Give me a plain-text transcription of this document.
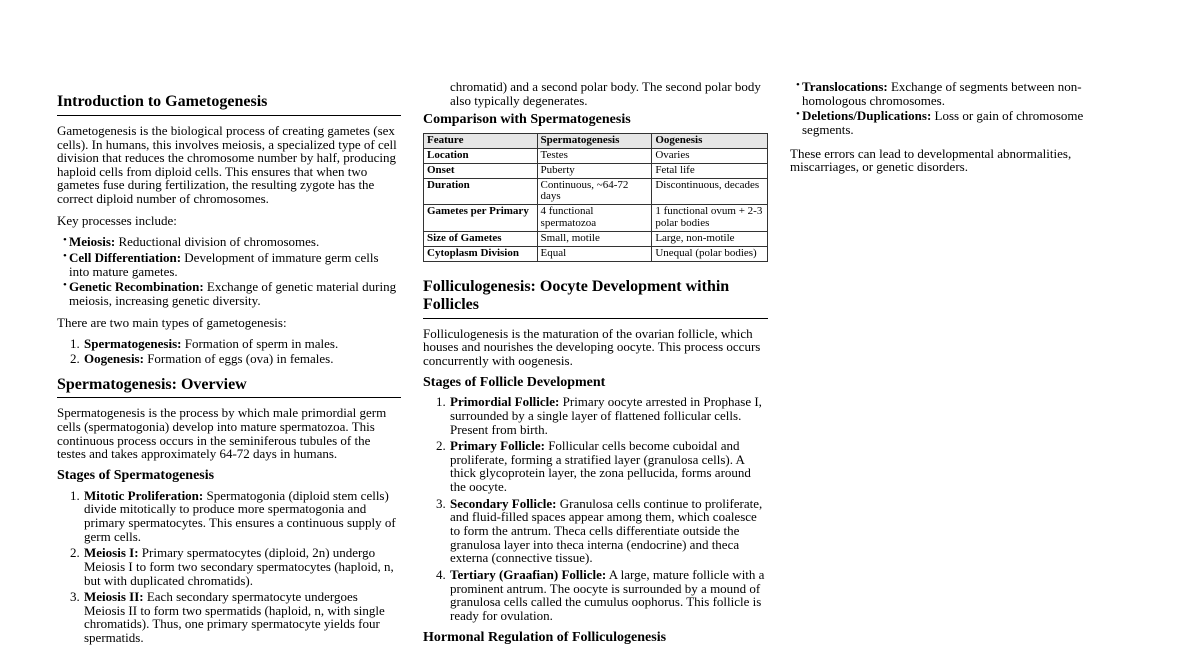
Introduction to Gametogenesis

Gametogenesis is the biological process of creating gametes (sex cells). In humans, this involves meiosis, a specialized type of cell division that reduces the chromosome number by half, producing haploid cells from diploid cells. This ensures that when two gametes fuse during fertilization, the resulting zygote has the correct diploid number of chromosomes.

Key processes include:

• Meiosis: Reductional division of chromosomes.
• Cell Differentiation: Development of immature germ cells into mature gametes.
• Genetic Recombination: Exchange of genetic material during meiosis, increasing genetic diversity.

There are two main types of gametogenesis:

1. Spermatogenesis: Formation of sperm in males.
2. Oogenesis: Formation of eggs (ova) in females.
Spermatogenesis: Overview

Spermatogenesis is the process by which male primordial germ cells (spermatogonia) develop into mature spermatozoa. This continuous process occurs in the seminiferous tubules of the testes and takes approximately 64-72 days in humans.

Stages of Spermatogenesis
1. Mitotic Proliferation: Spermatogonia (diploid stem cells) divide mitotically to produce more spermatogonia and primary spermatocytes. This ensures a continuous supply of germ cells.
2. Meiosis I: Primary spermatocytes (diploid, 2n) undergo Meiosis I to form two secondary spermatocytes (haploid, n, but with duplicated chromatids).
3. Meiosis II: Each secondary spermatocyte undergoes Meiosis II to form two spermatids (haploid, n, with single chromatids). Thus, one primary spermatocyte yields four spermatids.

chromatid) and a second polar body. The second polar body also typically degenerates.

Comparison with Spermatogenesis
Feature	Spermatogenesis	Oogenesis
Location	Testes	Ovaries
Onset	Puberty	Fetal life
Duration	Continuous, ~64-72 days	Discontinuous, decades
Gametes per Primary	4 functional spermatozoa	1 functional ovum + 2-3 polar bodies
Size of Gametes	Small, motile	Large, non-motile
Cytoplasm Division	Equal	Unequal (polar bodies)
Folliculogenesis: Oocyte Development within Follicles

Folliculogenesis is the maturation of the ovarian follicle, which houses and nourishes the developing oocyte. This process occurs concurrently with oogenesis.

Stages of Follicle Development
1. Primordial Follicle: Primary oocyte arrested in Prophase I, surrounded by a single layer of flattened follicular cells. Present from birth.
2. Primary Follicle: Follicular cells become cuboidal and proliferate, forming a stratified layer (granulosa cells). A thick glycoprotein layer, the zona pellucida, forms around the oocyte.
3. Secondary Follicle: Granulosa cells continue to proliferate, and fluid-filled spaces appear among them, which coalesce to form the antrum. Theca cells differentiate outside the granulosa layer into theca interna (endocrine) and theca externa (connective tissue).
4. Tertiary (Graafian) Follicle: A large, mature follicle with a prominent antrum. The oocyte is surrounded by a mound of granulosa cells called the cumulus oophorus. This follicle is ready for ovulation.
Hormonal Regulation of Folliculogenesis
• Translocations: Exchange of segments between non-homologous chromosomes.
• Deletions/Duplications: Loss or gain of chromosome segments.

These errors can lead to developmental abnormalities, miscarriages, or genetic disorders.
